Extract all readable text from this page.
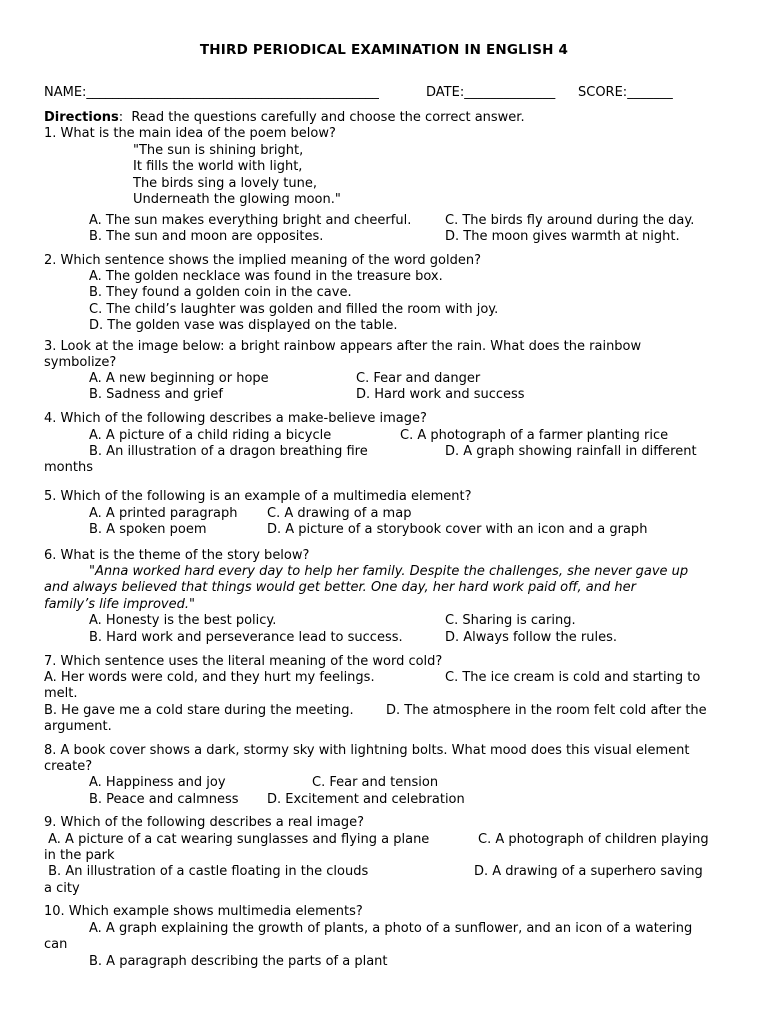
THIRD PERIODICAL EXAMINATION IN ENGLISH 4
NAME:_____________________________________________	DATE:______________ SCORE:_______
Directions:  Read the questions carefully and choose the correct answer.
1. What is the main idea of the poem below?
"The sun is shining bright,
It fills the world with light,
The birds sing a lovely tune,
Underneath the glowing moon."
A. The sun makes everything bright and cheerful.	C. The birds fly around during the day.
B. The sun and moon are opposites.	D. The moon gives warmth at night.
2. Which sentence shows the implied meaning of the word golden?
A. The golden necklace was found in the treasure box.
B. They found a golden coin in the cave.
C. The child’s laughter was golden and filled the room with joy.
D. The golden vase was displayed on the table.
3. Look at the image below: a bright rainbow appears after the rain. What does the rainbow
symbolize?
A. A new beginning or hope	C. Fear and danger
B. Sadness and grief	D. Hard work and success
4. Which of the following describes a make-believe image?
A. A picture of a child riding a bicycle	C. A photograph of a farmer planting rice
B. An illustration of a dragon breathing fire	D. A graph showing rainfall in different
months
5. Which of the following is an example of a multimedia element?
A. A printed paragraph C. A drawing of a map
B. A spoken poem	D. A picture of a storybook cover with an icon and a graph
6. What is the theme of the story below?
"Anna worked hard every day to help her family. Despite the challenges, she never gave up
and always believed that things would get better. One day, her hard work paid off, and her
family’s life improved."
A. Honesty is the best policy.	C. Sharing is caring.
B. Hard work and perseverance lead to success.	D. Always follow the rules.
7. Which sentence uses the literal meaning of the word cold?
A. Her words were cold, and they hurt my feelings.	C. The ice cream is cold and starting to
melt.
B. He gave me a cold stare during the meeting. D. The atmosphere in the room felt cold after the
argument.
8. A book cover shows a dark, stormy sky with lightning bolts. What mood does this visual element
create?
A. Happiness and joy	C. Fear and tension
B. Peace and calmness D. Excitement and celebration
9. Which of the following describes a real image?
A. A picture of a cat wearing sunglasses and flying a plane	C. A photograph of children playing
in the park
B. An illustration of a castle floating in the clouds	D. A drawing of a superhero saving
a city
10. Which example shows multimedia elements?
A. A graph explaining the growth of plants, a photo of a sunflower, and an icon of a watering
can
B. A paragraph describing the parts of a plant
